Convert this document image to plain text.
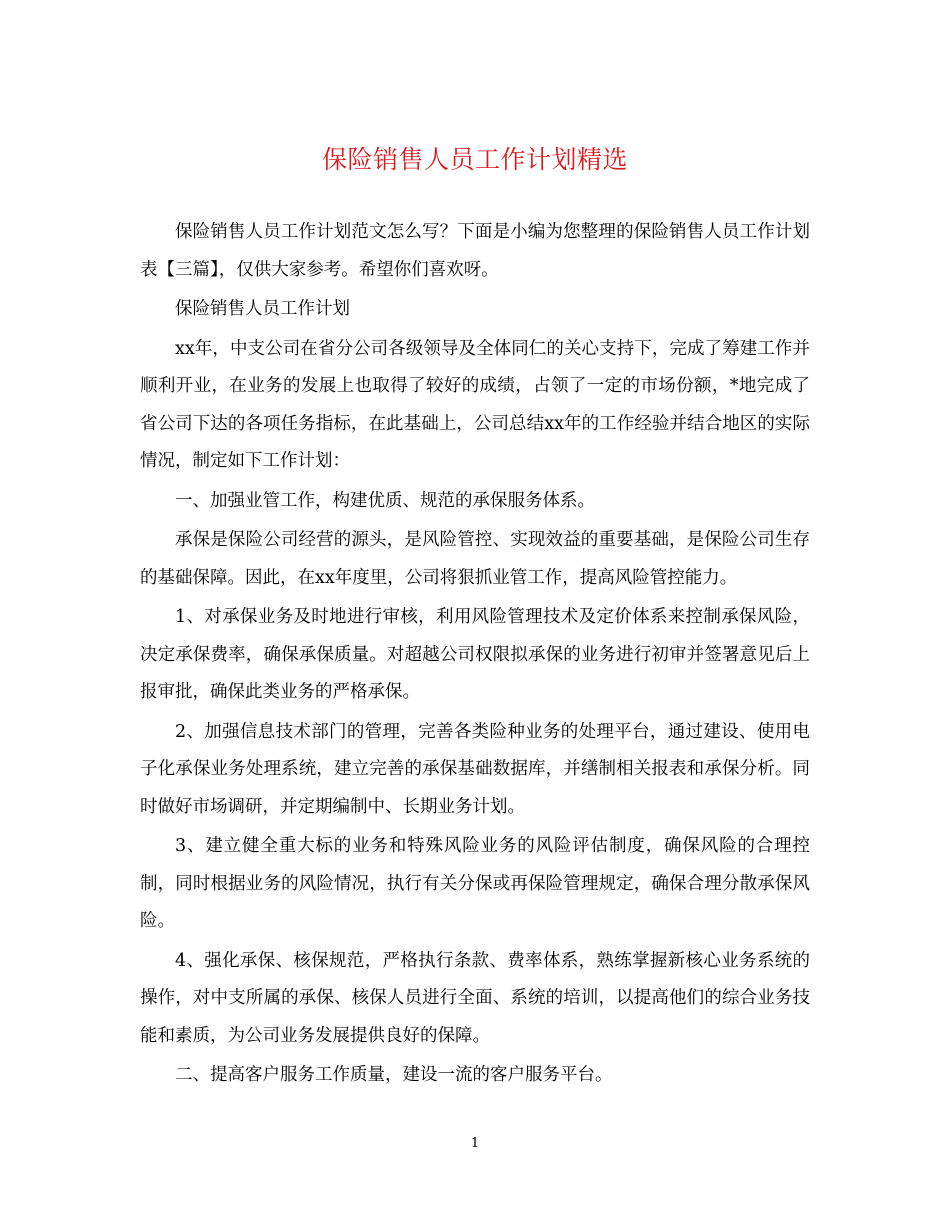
保险销售人员工作计划精选

保险销售人员工作计划范文怎么写？下面是小编为您整理的保险销售人员工作计划表【三篇】，仅供大家参考。希望你们喜欢呀。

保险销售人员工作计划

xx年，中支公司在省分公司各级领导及全体同仁的关心支持下，完成了筹建工作并顺利开业，在业务的发展上也取得了较好的成绩，占领了一定的市场份额，*地完成了省公司下达的各项任务指标，在此基础上，公司总结xx年的工作经验并结合地区的实际情况，制定如下工作计划：

一、加强业管工作，构建优质、规范的承保服务体系。

承保是保险公司经营的源头，是风险管控、实现效益的重要基础，是保险公司生存的基础保障。因此，在xx年度里，公司将狠抓业管工作，提高风险管控能力。

1、对承保业务及时地进行审核，利用风险管理技术及定价体系来控制承保风险，决定承保费率，确保承保质量。对超越公司权限拟承保的业务进行初审并签署意见后上报审批，确保此类业务的严格承保。

2、加强信息技术部门的管理，完善各类险种业务的处理平台，通过建设、使用电子化承保业务处理系统，建立完善的承保基础数据库，并缮制相关报表和承保分析。同时做好市场调研，并定期编制中、长期业务计划。

3、建立健全重大标的业务和特殊风险业务的风险评估制度，确保风险的合理控制，同时根据业务的风险情况，执行有关分保或再保险管理规定，确保合理分散承保风险。

4、强化承保、核保规范，严格执行条款、费率体系，熟练掌握新核心业务系统的操作，对中支所属的承保、核保人员进行全面、系统的培训，以提高他们的综合业务技能和素质，为公司业务发展提供良好的保障。

二、提高客户服务工作质量，建设一流的客户服务平台。

1
